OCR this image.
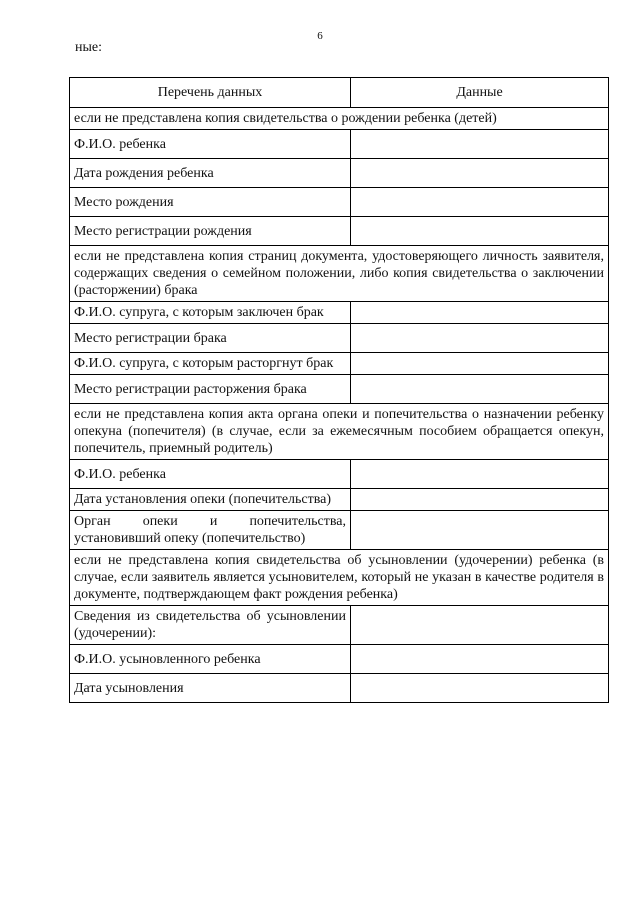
6
ные:
Перечень данных	Данные
если не представлена копия свидетельства о рождении ребенка (детей)	
Ф.И.О. ребенка	
Дата рождения ребенка	
Место рождения	
Место регистрации рождения	
если не представлена копия страниц документа, удостоверяющего личность заявителя, содержащих сведения о семейном положении, либо копия свидетельства о заключении (расторжении) брака	
Ф.И.О. супруга, с которым заключен брак	
Место регистрации брака	
Ф.И.О. супруга, с которым расторгнут брак	
Место регистрации расторжения брака	
если не представлена копия акта органа опеки и попечительства о назначении ребенку опекуна (попечителя) (в случае, если за ежемесячным пособием обращается опекун, попечитель, приемный родитель)	
Ф.И.О. ребенка	
Дата установления опеки (попечительства)	
Орган опеки и попечительства, установивший опеку (попечительство)	
если не представлена копия свидетельства об усыновлении (удочерении) ребенка (в случае, если заявитель является усыновителем, который не указан в качестве родителя в документе, подтверждающем факт рождения ребенка)	
Сведения из свидетельства об усыновлении (удочерении):	
Ф.И.О. усыновленного ребенка	
Дата усыновления	
